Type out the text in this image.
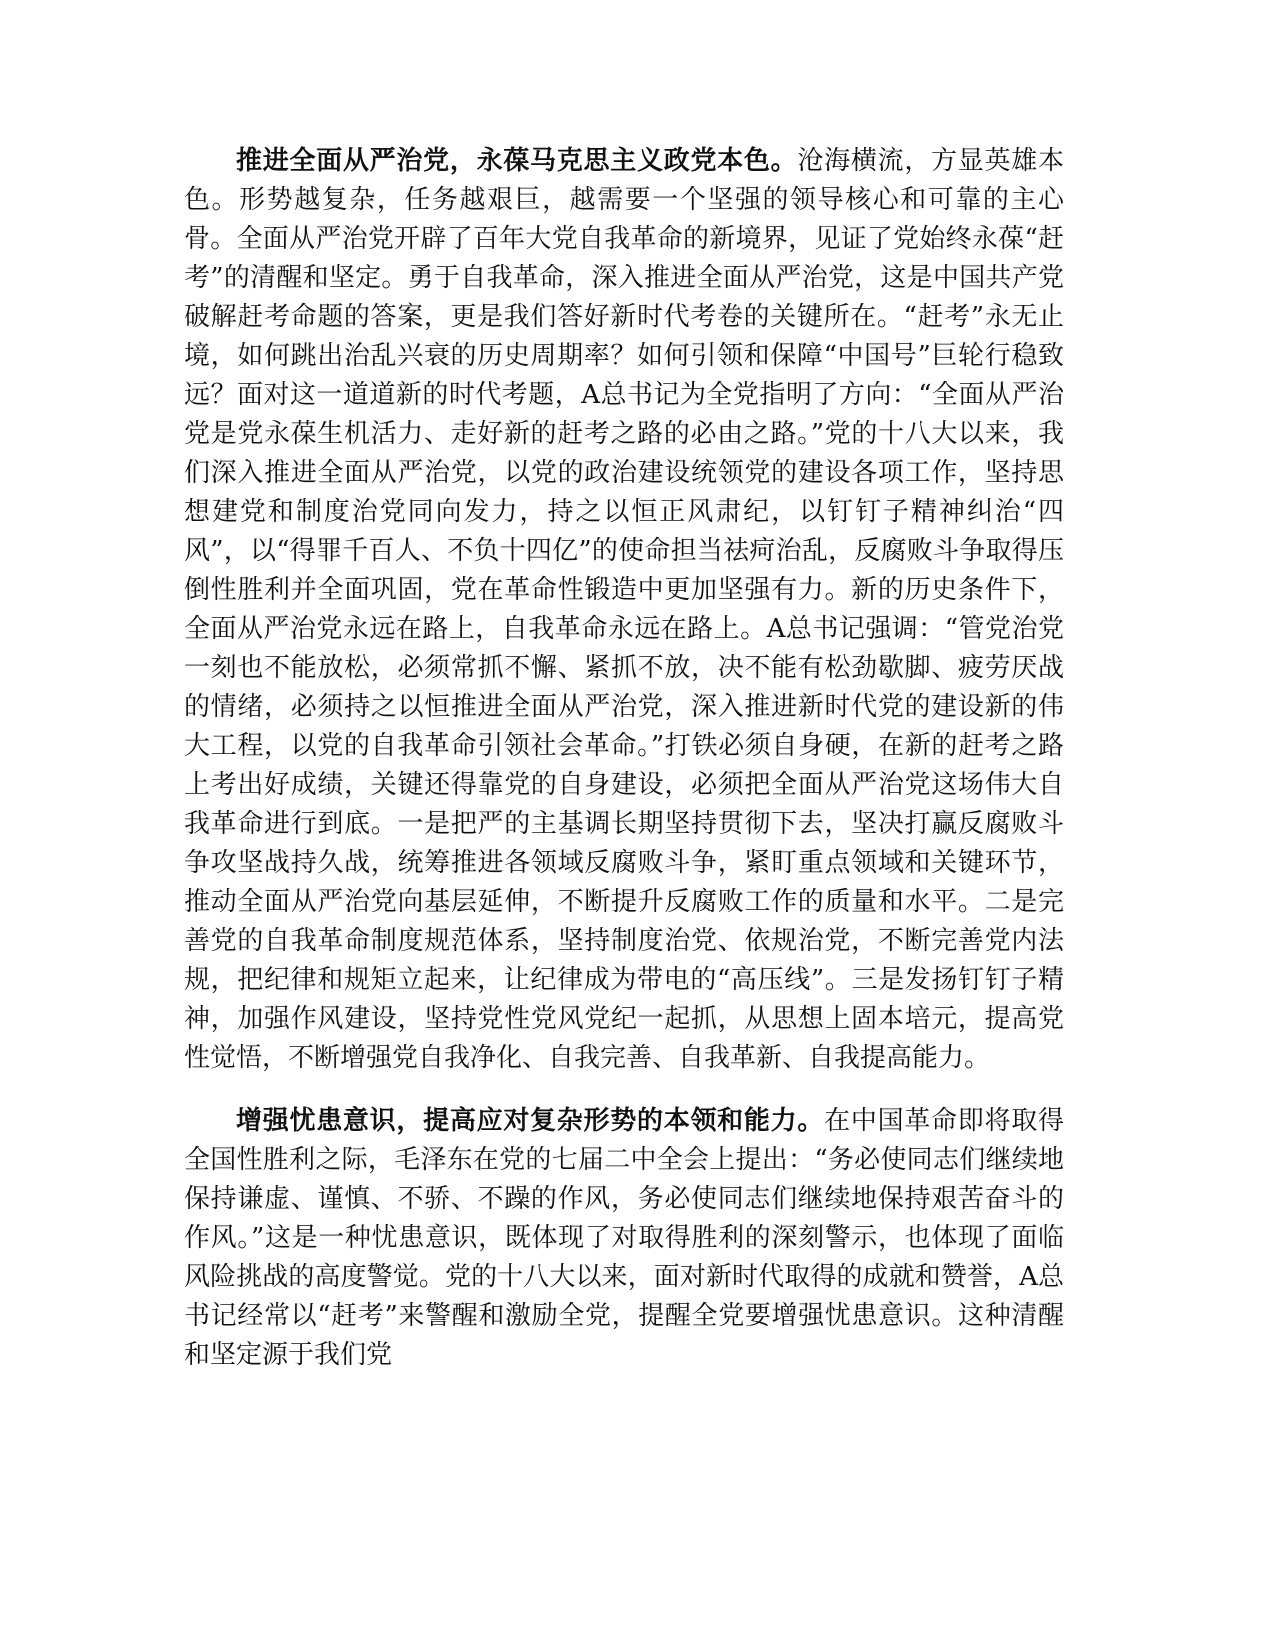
推进全面从严治党，永葆马克思主义政党本色。沧海横流，方显英雄本色。形势越复杂，任务越艰巨，越需要一个坚强的领导核心和可靠的主心骨。全面从严治党开辟了百年大党自我革命的新境界，见证了党始终永葆“赶考”的清醒和坚定。勇于自我革命，深入推进全面从严治党，这是中国共产党破解赶考命题的答案，更是我们答好新时代考卷的关键所在。“赶考”永无止境，如何跳出治乱兴衰的历史周期率？如何引领和保障“中国号”巨轮行稳致远？面对这一道道新的时代考题，A总书记为全党指明了方向：“全面从严治党是党永葆生机活力、走好新的赶考之路的必由之路。”党的十八大以来，我们深入推进全面从严治党，以党的政治建设统领党的建设各项工作，坚持思想建党和制度治党同向发力，持之以恒正风肃纪，以钉钉子精神纠治“四风”，以“得罪千百人、不负十四亿”的使命担当祛疴治乱，反腐败斗争取得压倒性胜利并全面巩固，党在革命性锻造中更加坚强有力。新的历史条件下，全面从严治党永远在路上，自我革命永远在路上。A总书记强调：“管党治党一刻也不能放松，必须常抓不懈、紧抓不放，决不能有松劲歇脚、疲劳厌战的情绪，必须持之以恒推进全面从严治党，深入推进新时代党的建设新的伟大工程，以党的自我革命引领社会革命。”打铁必须自身硬，在新的赶考之路上考出好成绩，关键还得靠党的自身建设，必须把全面从严治党这场伟大自我革命进行到底。一是把严的主基调长期坚持贯彻下去，坚决打赢反腐败斗争攻坚战持久战，统筹推进各领域反腐败斗争，紧盯重点领域和关键环节，推动全面从严治党向基层延伸，不断提升反腐败工作的质量和水平。二是完善党的自我革命制度规范体系，坚持制度治党、依规治党，不断完善党内法规，把纪律和规矩立起来，让纪律成为带电的“高压线”。三是发扬钉钉子精神，加强作风建设，坚持党性党风党纪一起抓，从思想上固本培元，提高党性觉悟，不断增强党自我净化、自我完善、自我革新、自我提高能力。

增强忧患意识，提高应对复杂形势的本领和能力。在中国革命即将取得全国性胜利之际，毛泽东在党的七届二中全会上提出：“务必使同志们继续地保持谦虚、谨慎、不骄、不躁的作风，务必使同志们继续地保持艰苦奋斗的作风。”这是一种忧患意识，既体现了对取得胜利的深刻警示，也体现了面临风险挑战的高度警觉。党的十八大以来，面对新时代取得的成就和赞誉，A总书记经常以“赶考”来警醒和激励全党，提醒全党要增强忧患意识。这种清醒和坚定源于我们党
